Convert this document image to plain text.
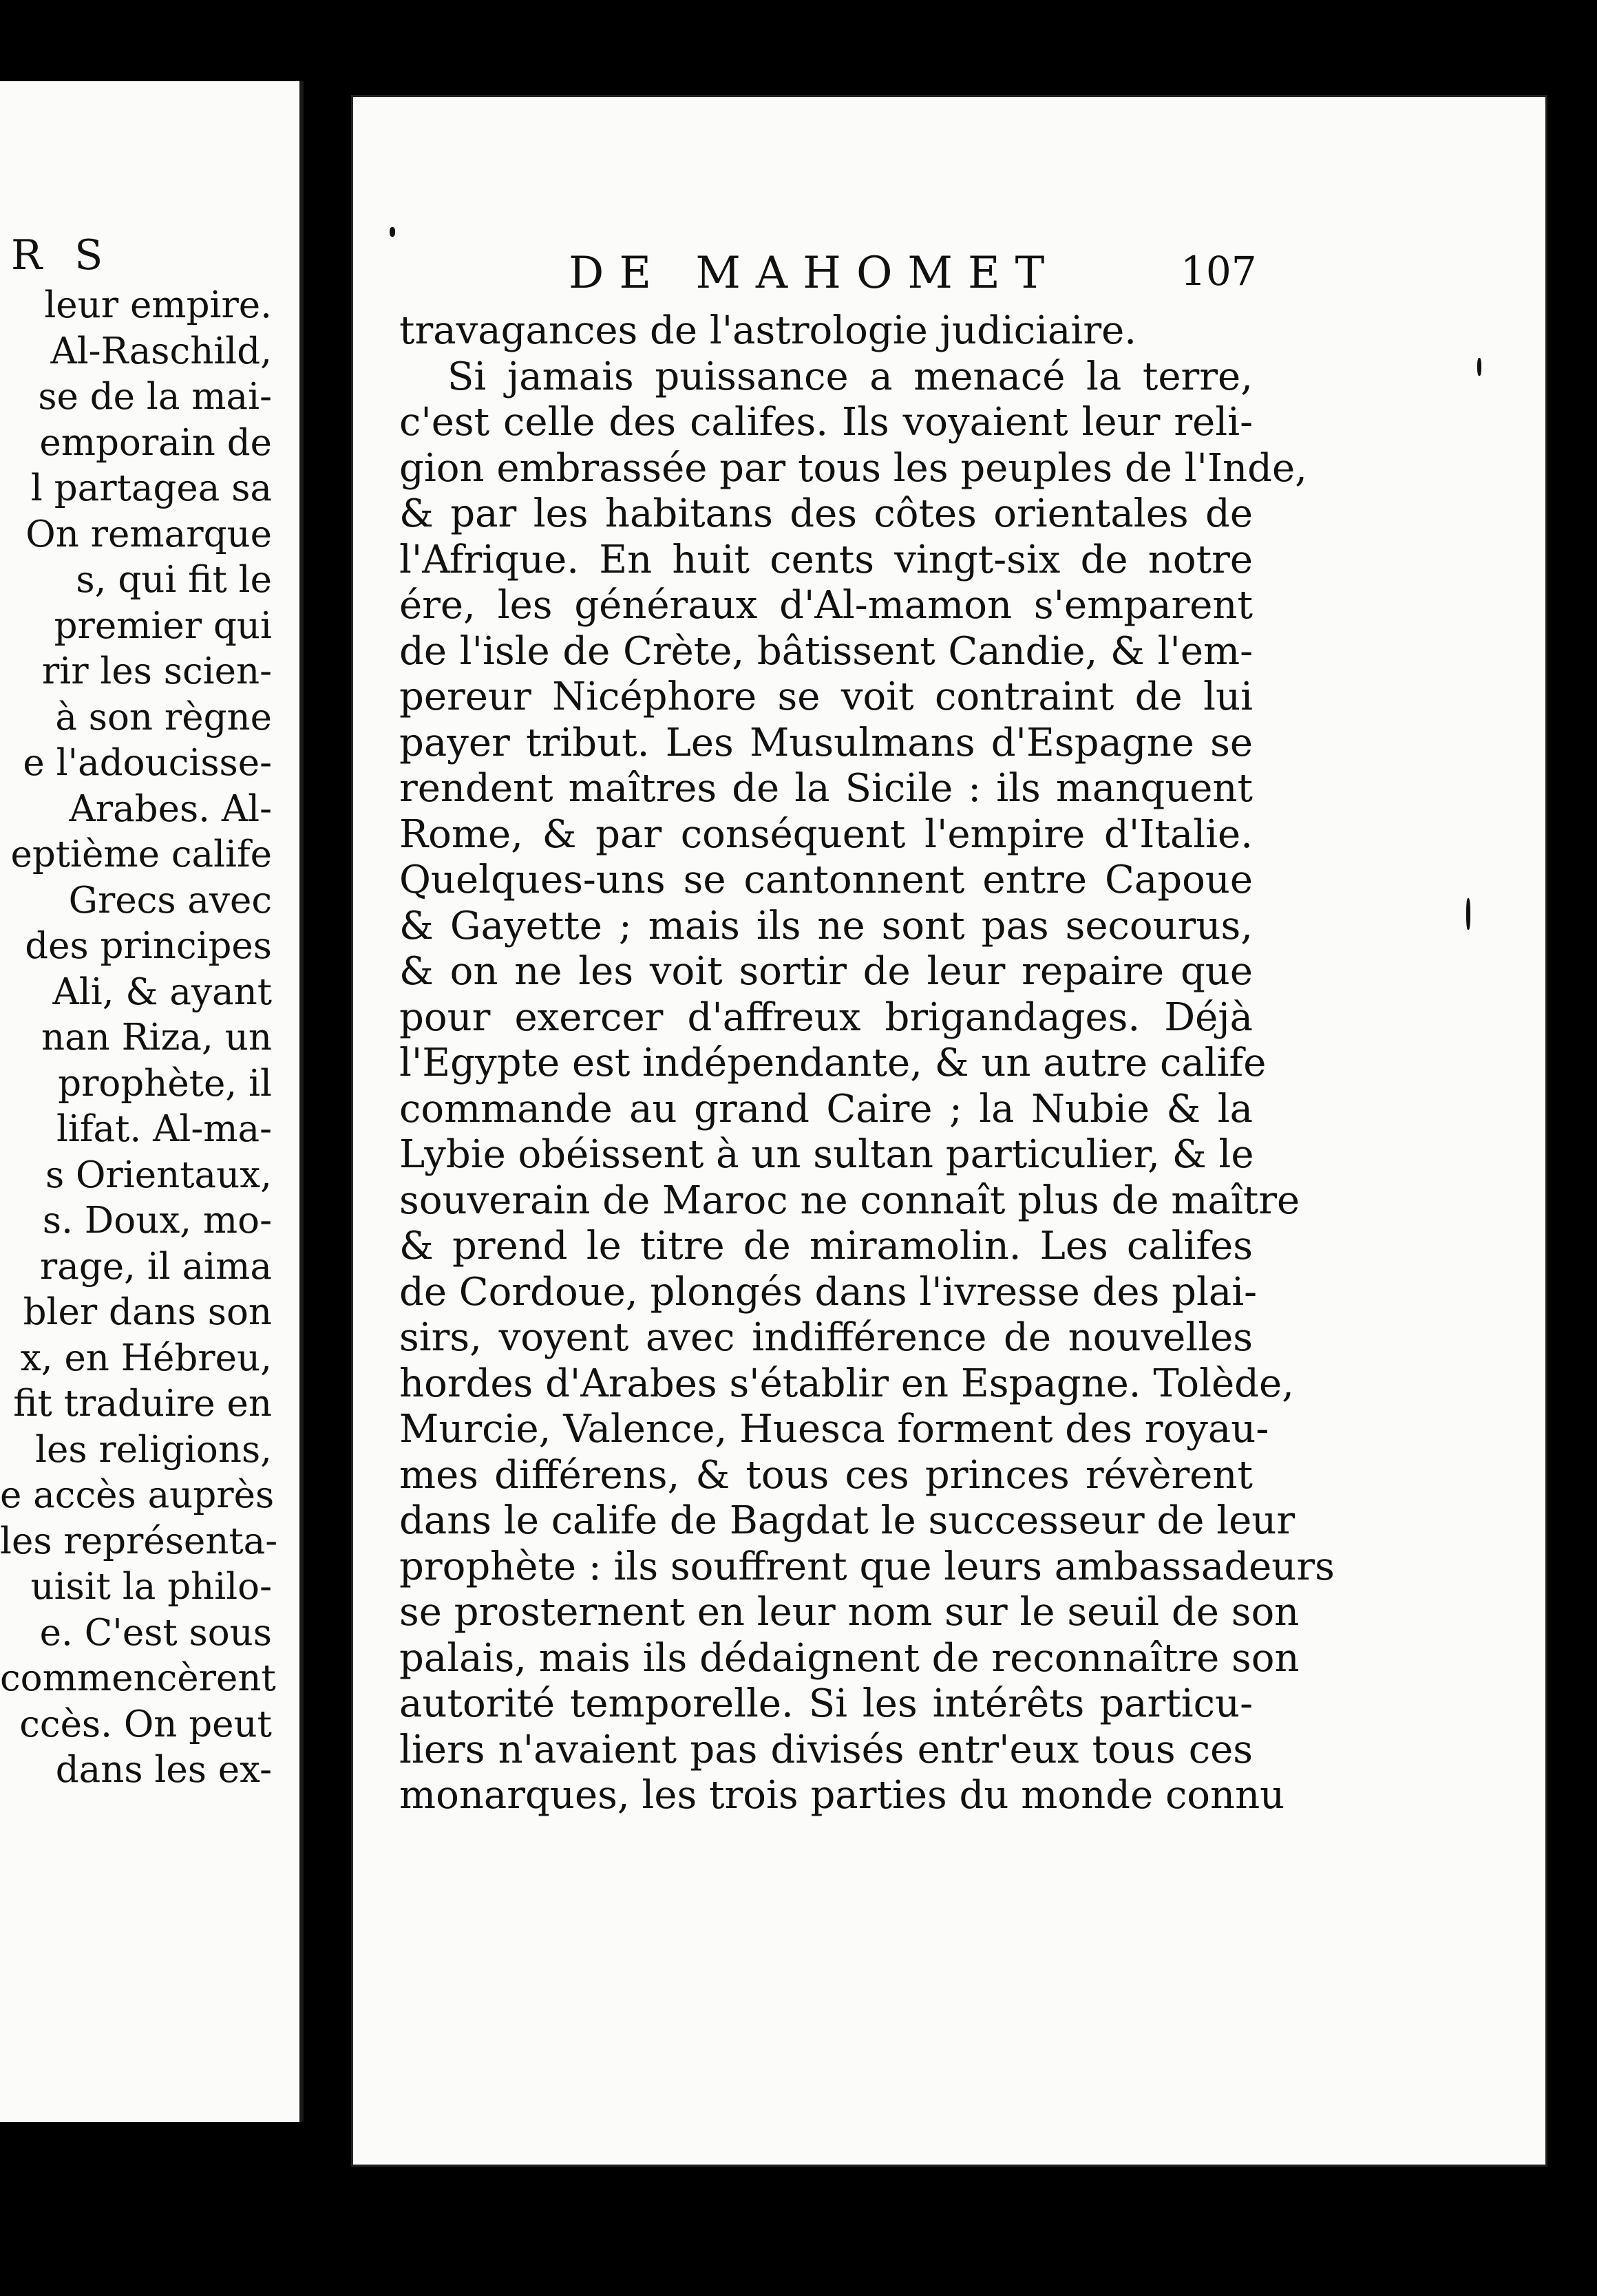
R S

leur empire.

Al-Raschild,

se de la mai-

emporain de

l partagea sa

On remarque

s, qui fit le

premier qui

rir les scien-

à son règne

e l'adoucisse-

Arabes. Al-

eptième calife

Grecs avec

des principes

Ali, & ayant

nan Riza, un

prophète, il

lifat. Al-ma-

s Orientaux,

s. Doux, mo-

rage, il aima

bler dans son

x, en Hébreu,

fit traduire en

les religions,

e accès auprès

les représenta-

uisit la philo-

e. C'est sous

commencèrent

ccès. On peut

dans les ex-

DE MAHOMET	107

travagances de l'astrologie judiciaire.

Si jamais puissance a menacé la terre,

c'est celle des califes. Ils voyaient leur reli-

gion embrassée par tous les peuples de l'Inde,

& par les habitans des côtes orientales de

l'Afrique. En huit cents vingt-six de notre

ére, les généraux d'Al-mamon s'emparent

de l'isle de Crète, bâtissent Candie, & l'em-

pereur Nicéphore se voit contraint de lui

payer tribut. Les Musulmans d'Espagne se

rendent maîtres de la Sicile : ils manquent

Rome, & par conséquent l'empire d'Italie.

Quelques-uns se cantonnent entre Capoue

& Gayette ; mais ils ne sont pas secourus,

& on ne les voit sortir de leur repaire que

pour exercer d'affreux brigandages. Déjà

l'Egypte est indépendante, & un autre calife

commande au grand Caire ; la Nubie & la

Lybie obéissent à un sultan particulier, & le

souverain de Maroc ne connaît plus de maître

& prend le titre de miramolin. Les califes

de Cordoue, plongés dans l'ivresse des plai-

sirs, voyent avec indifférence de nouvelles

hordes d'Arabes s'établir en Espagne. Tolède,

Murcie, Valence, Huesca forment des royau-

mes différens, & tous ces princes révèrent

dans le calife de Bagdat le successeur de leur

prophète : ils souffrent que leurs ambassadeurs

se prosternent en leur nom sur le seuil de son

palais, mais ils dédaignent de reconnaître son

autorité temporelle. Si les intérêts particu-

liers n'avaient pas divisés entr'eux tous ces

monarques, les trois parties du monde connu
